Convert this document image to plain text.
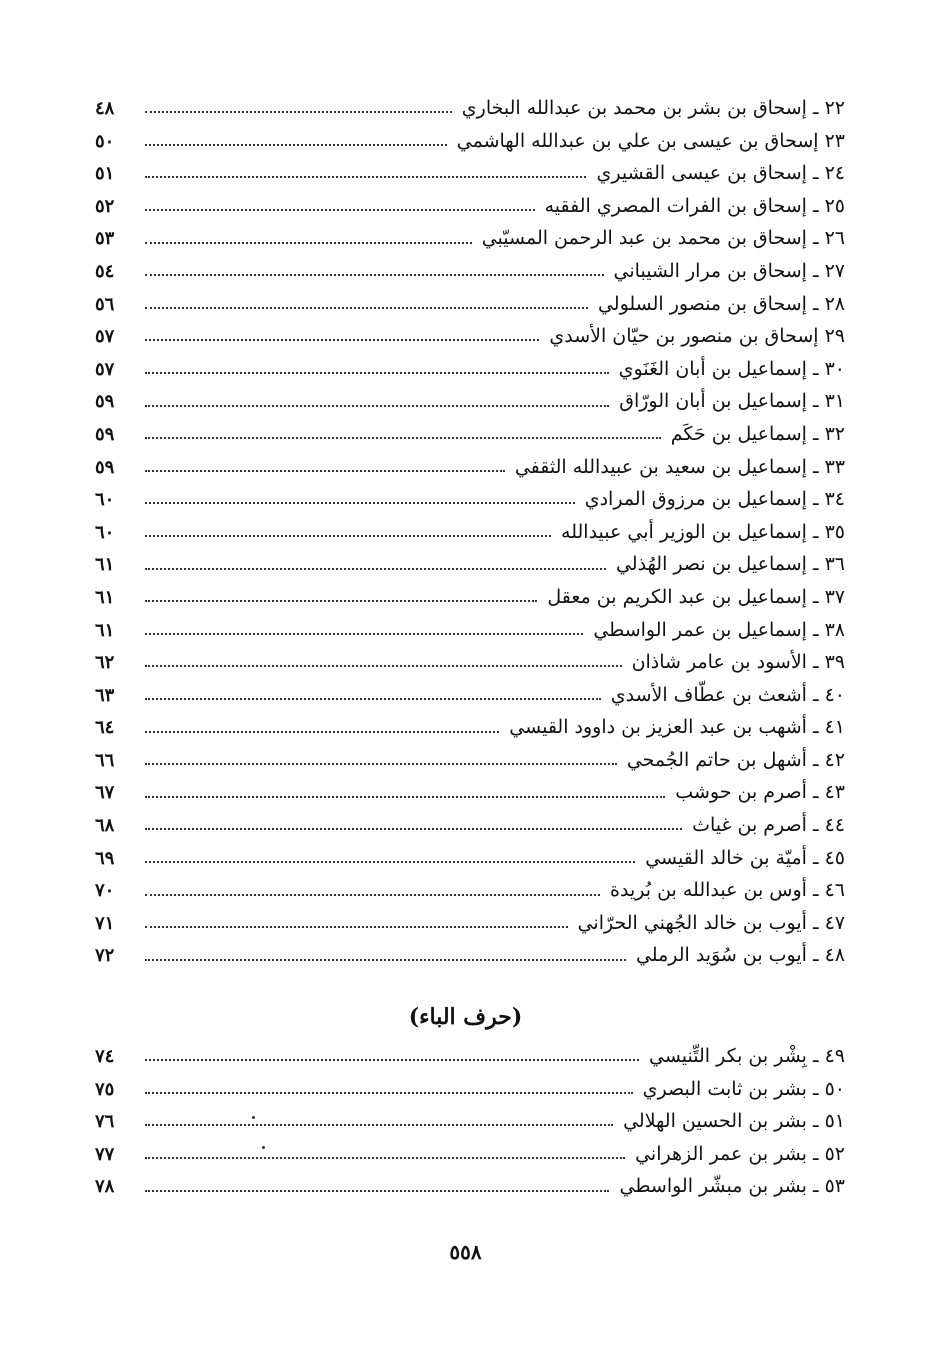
٢٢ ـ إسحاق بن بشر بن محمد بن عبدالله البخاري
٤٨
٢٣ إسحاق بن عيسى بن علي بن عبدالله الهاشمي
٥٠
٢٤ ـ إسحاق بن عيسى القشيري
٥١
٢٥ ـ إسحاق بن الفرات المصري الفقيه
٥٢
٢٦ ـ إسحاق بن محمد بن عبد الرحمن المسيّبي
٥٣
٢٧ ـ إسحاق بن مرار الشيباني
٥٤
٢٨ ـ إسحاق بن منصور السلولي
٥٦
٢٩ إسحاق بن منصور بن حيّان الأسدي
٥٧
٣٠ ـ إسماعيل بن أبان الغَنَوي
٥٧
٣١ ـ إسماعيل بن أبان الورّاق
٥٩
٣٢ ـ إسماعيل بن حَكَم
٥٩
٣٣ ـ إسماعيل بن سعيد بن عبيدالله الثقفي
٥٩
٣٤ ـ إسماعيل بن مرزوق المرادي
٦٠
٣٥ ـ إسماعيل بن الوزير أبي عبيدالله
٦٠
٣٦ ـ إسماعيل بن نصر الهُذلي
٦١
٣٧ ـ إسماعيل بن عبد الكريم بن معقل
٦١
٣٨ ـ إسماعيل بن عمر الواسطي
٦١
٣٩ ـ الأسود بن عامر شاذان
٦٢
٤٠ ـ أشعث بن عطّاف الأسدي
٦٣
٤١ ـ أشهب بن عبد العزيز بن داوود القيسي
٦٤
٤٢ ـ أشهل بن حاتم الجُمحي
٦٦
٤٣ ـ أصرم بن حوشب
٦٧
٤٤ ـ أصرم بن غياث
٦٨
٤٥ ـ أميّة بن خالد القيسي
٦٩
٤٦ ـ أوس بن عبدالله بن بُريدة
٧٠
٤٧ ـ أيوب بن خالد الجُهني الحرّاني
٧١
٤٨ ـ أيوب بن سُوَيد الرملي
٧٢
(حرف الباء)
٤٩ ـ بِشْر بن بكر التِّنيسي
٧٤
٥٠ ـ بشر بن ثابت البصري
٧٥
٥١ ـ بشر بن الحسين الهلالي
٧٦
٥٢ ـ بشر بن عمر الزهراني
٧٧
٥٣ ـ بشر بن مبشّر الواسطي
٧٨
٥٥٨
